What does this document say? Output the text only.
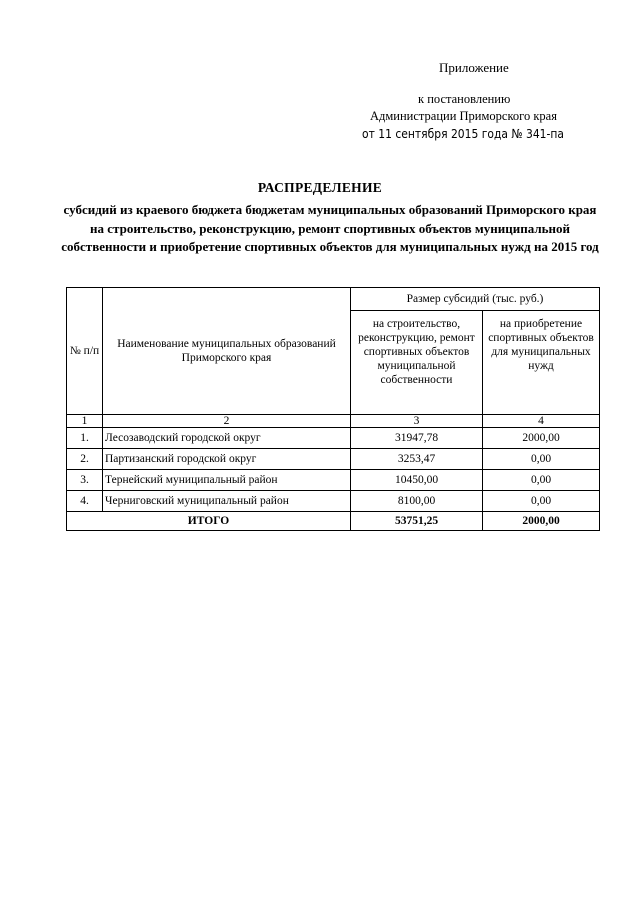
Приложение
к постановлению
Администрации Приморского края
от 11 сентября 2015 года № 341-па
РАСПРЕДЕЛЕНИЕ
субсидий из краевого бюджета бюджетам муниципальных образований Приморского края на строительство, реконструкцию, ремонт спортивных объектов муниципальной собственности и приобретение спортивных объектов для муниципальных нужд на 2015 год
№ п/п	Наименование муниципальных образований Приморского края	Размер субсидий (тыс. руб.)	
		на строительство, реконструкцию, ремонт спортивных объектов муниципальной собственности	на приобретение спортивных объектов для муниципальных нужд
1	2	3	4
1.	Лесозаводский городской округ	31947,78	2000,00
2.	Партизанский городской округ	3253,47	0,00
3.	Тернейский муниципальный район	10450,00	0,00
4.	Черниговский муниципальный район	8100,00	0,00
ИТОГО		53751,25	2000,00
